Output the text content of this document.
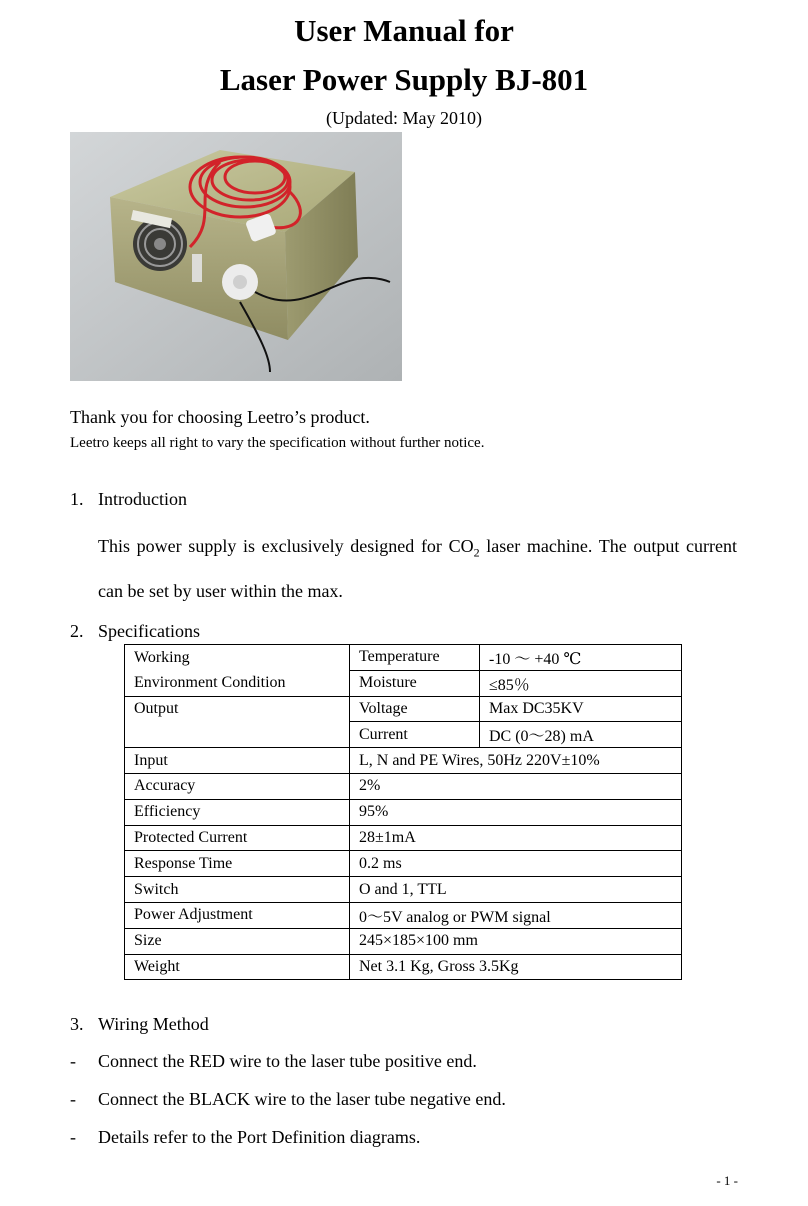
User Manual for
Laser Power Supply BJ-801
(Updated: May 2010)
Thank you for choosing Leetro’s product.
Leetro keeps all right to vary the specification without further notice.
1. Introduction
This power supply is exclusively designed for $CO_2$ laser machine. The output current can be set by user within the max.
2. Specifications
Working	Temperature	-10 ～ +40 ℃
Environment Condition	Moisture	≤85％
Output	Voltage	Max DC35KV
	Current	DC (0～28) mA
Input	L, N and PE Wires, 50Hz 220V±10%	
Accuracy	2%	
Efficiency	95%	
Protected Current	28±1mA	
Response Time	0.2 ms	
Switch	O and 1, TTL	
Power Adjustment	0～5V analog or PWM signal	
Size	245×185×100 mm	
Weight	Net 3.1 Kg, Gross 3.5Kg	
3. Wiring Method
- Connect the RED wire to the laser tube positive end.
- Connect the BLACK wire to the laser tube negative end.
- Details refer to the Port Definition diagrams.
- 1 -
